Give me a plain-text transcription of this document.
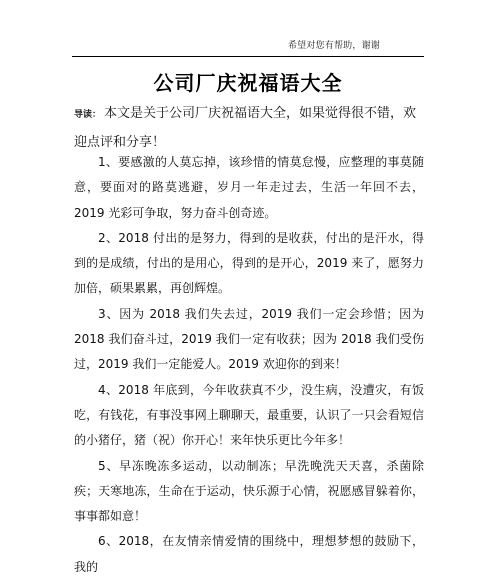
希望对您有帮助，谢谢
公司厂庆祝福语大全
导读： 本文是关于公司厂庆祝福语大全，如果觉得很不错，欢迎点评和分享！

1、要感激的人莫忘掉，该珍惜的情莫怠慢，应整理的事莫随意，要面对的路莫逃避，岁月一年走过去，生活一年回不去，2019 光彩可争取，努力奋斗创奇迹。

2、2018 付出的是努力，得到的是收获，付出的是汗水，得到的是成绩，付出的是用心，得到的是开心，2019 来了，愿努力加倍，硕果累累，再创辉煌。

3、因为 2018 我们失去过，2019 我们一定会珍惜；因为 2018 我们奋斗过，2019 我们一定有收获；因为 2018 我们受伤过，2019 我们一定能爱人。2019 欢迎你的到来！

4、2018 年底到，今年收获真不少，没生病，没遭灾，有饭吃，有钱花，有事没事网上聊聊天，最重要，认识了一只会看短信的小猪仔，猪（祝）你开心！来年快乐更比今年多！

5、早冻晚冻多运动，以动制冻；早洗晚洗天天喜，杀菌除疾；天寒地冻，生命在于运动，快乐源于心情，祝愿感冒躲着你，事事都如意！

6、2018，在友情亲情爱情的围绕中，理想梦想的鼓励下，我的
